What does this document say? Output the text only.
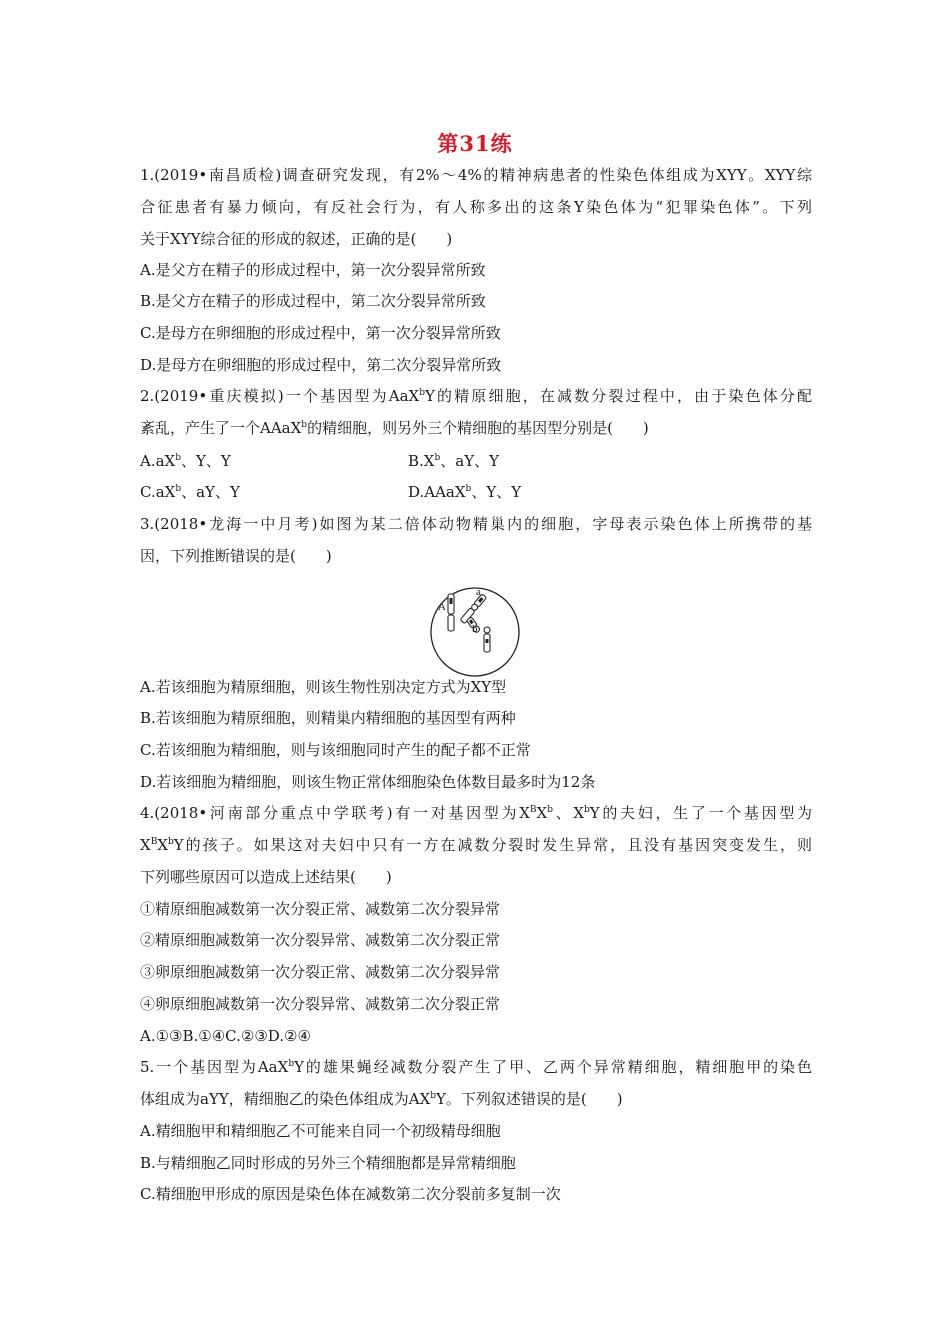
第31练
1.(2019•南昌质检)调查研究发现，有2%～4%的精神病患者的性染色体组成为XYY。XYY综
合征患者有暴力倾向，有反社会行为，有人称多出的这条Y染色体为“犯罪染色体”。下列
关于XYY综合征的形成的叙述，正确的是(　　)
A.是父方在精子的形成过程中，第一次分裂异常所致
B.是父方在精子的形成过程中，第二次分裂异常所致
C.是母方在卵细胞的形成过程中，第一次分裂异常所致
D.是母方在卵细胞的形成过程中，第二次分裂异常所致
2.(2019•重庆模拟)一个基因型为AaX$^b$Y的精原细胞，在减数分裂过程中，由于染色体分配
紊乱，产生了一个AAaX$^b$的精细胞，则另外三个精细胞的基因型分别是(　　)
$A.aX^b$、Y、Y	$B.X^b$、aY、Y
$C.aX^b$、aY、Y	D.AAaX$^b$、Y、Y
3.(2018•龙海一中月考)如图为某二倍体动物精巢内的细胞，字母表示染色体上所携带的基
因，下列推断错误的是(　　)
A
a
b
A.若该细胞为精原细胞，则该生物性别决定方式为XY型
B.若该细胞为精原细胞，则精巢内精细胞的基因型有两种
C.若该细胞为精细胞，则与该细胞同时产生的配子都不正常
D.若该细胞为精细胞，则该生物正常体细胞染色体数目最多时为12条
4.(2018•河南部分重点中学联考)有一对基因型为$X^BX^b$、$X^bY$的夫妇，生了一个基因型为
$X^BX^bY$的孩子。如果这对夫妇中只有一方在减数分裂时发生异常，且没有基因突变发生，则
下列哪些原因可以造成上述结果(　　)
①精原细胞减数第一次分裂正常、减数第二次分裂异常
②精原细胞减数第一次分裂异常、减数第二次分裂正常
③卵原细胞减数第一次分裂正常、减数第二次分裂异常
④卵原细胞减数第一次分裂异常、减数第二次分裂正常
A.①③B.①④C.②③D.②④
5.一个基因型为AaX$^b$Y的雄果蝇经减数分裂产生了甲、乙两个异常精细胞，精细胞甲的染色
体组成为aYY，精细胞乙的染色体组成为$AX^bY$。下列叙述错误的是(　　)
A.精细胞甲和精细胞乙不可能来自同一个初级精母细胞
B.与精细胞乙同时形成的另外三个精细胞都是异常精细胞
C.精细胞甲形成的原因是染色体在减数第二次分裂前多复制一次
